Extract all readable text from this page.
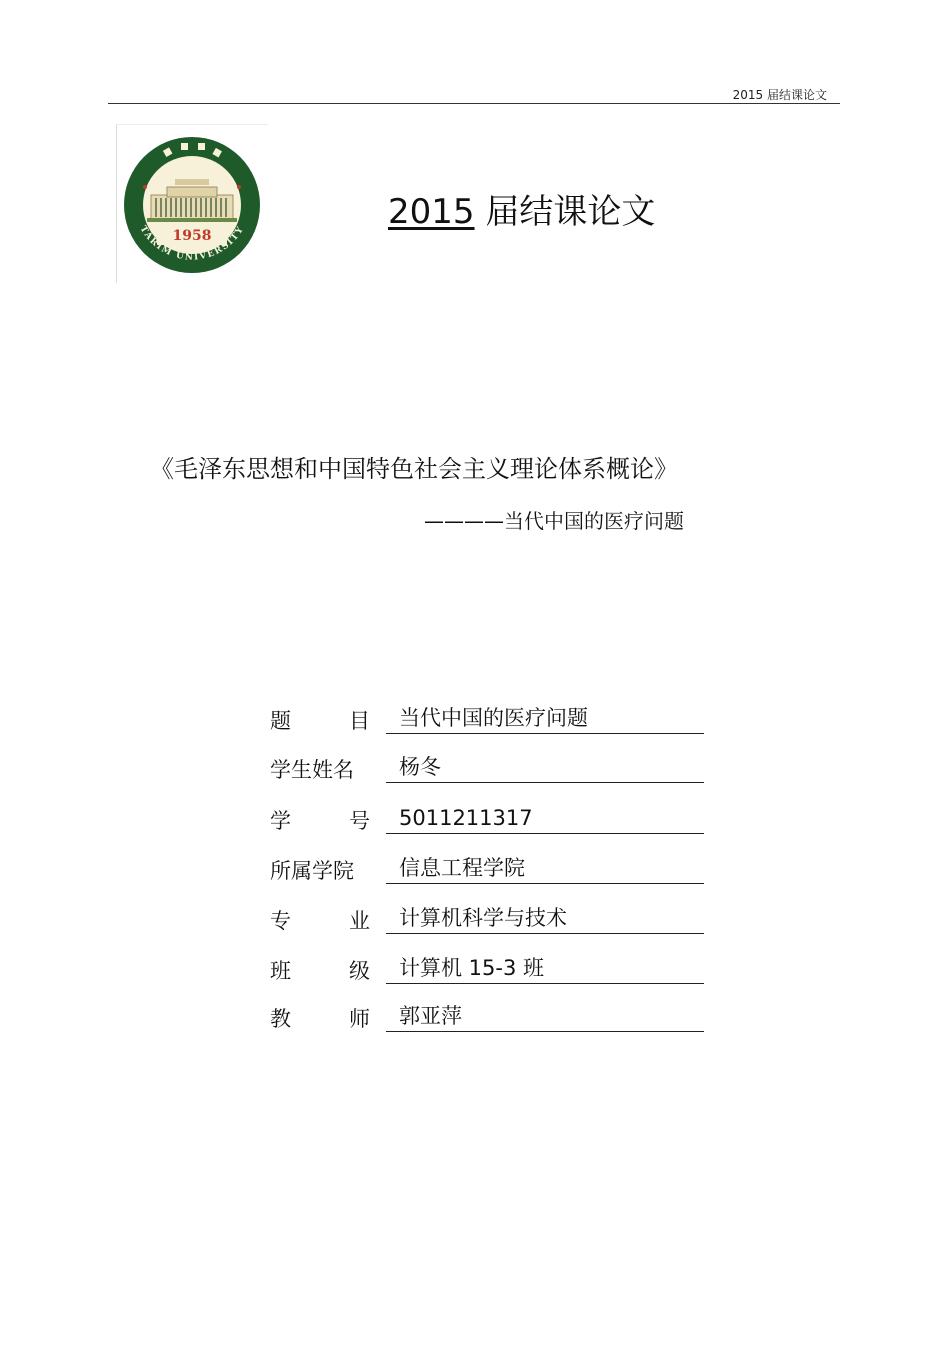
2015 届结课论文
1958
TARIM UNIVERSITY	2015 届结课论文
《毛泽东思想和中国特色社会主义理论体系概论》
————当代中国的医疗问题
题	目	当代中国的医疗问题
学生姓名	杨冬
学	号	5011211317
所属学院	信息工程学院
专	业	计算机科学与技术
班	级	计算机 15-3 班
教	师	郭亚萍
